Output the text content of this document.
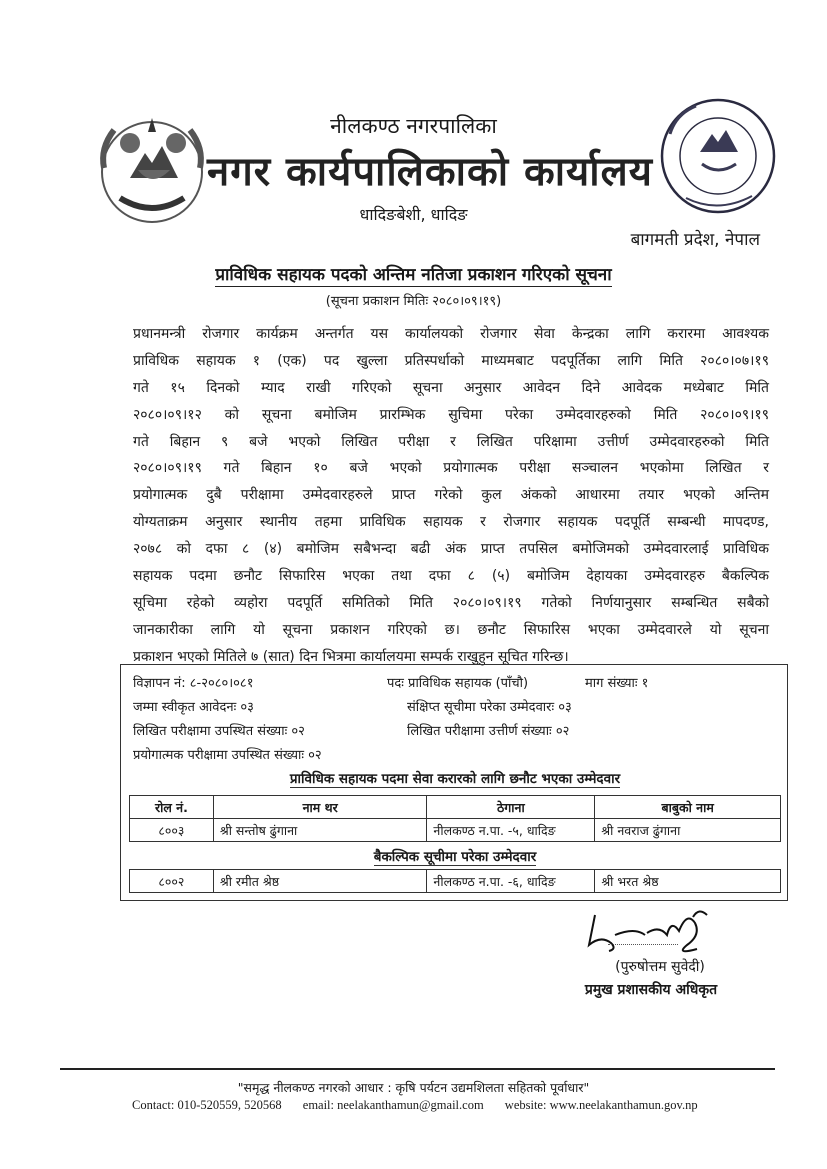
नीलकण्ठ नगरपालिका
नगर कार्यपालिकाको कार्यालय
धादिङबेशी, धादिङ
बागमती प्रदेश, नेपाल
प्राविधिक सहायक पदको अन्तिम नतिजा प्रकाशन गरिएको सूचना
(सूचना प्रकाशन मितिः २०८०।०९।१९)
प्रधानमन्त्री रोजगार कार्यक्रम अन्तर्गत यस कार्यालयको रोजगार सेवा केन्द्रका लागि करारमा आवश्यक
प्राविधिक सहायक १ (एक) पद खुल्ला प्रतिस्पर्धाको माध्यमबाट पदपूर्तिका लागि मिति २०८०।०७।१९
गते १५ दिनको म्याद राखी गरिएको सूचना अनुसार आवेदन दिने आवेदक मध्येबाट मिति
२०८०।०९।१२ को सूचना बमोजिम प्रारम्भिक सुचिमा परेका उम्मेदवारहरुको मिति २०८०।०९।१९
गते बिहान ९ बजे भएको लिखित परीक्षा र लिखित परिक्षामा उत्तीर्ण उम्मेदवारहरुको मिति
२०८०।०९।१९ गते बिहान १० बजे भएको प्रयोगात्मक परीक्षा सञ्चालन भएकोमा लिखित र
प्रयोगात्मक दुबै परीक्षामा उम्मेदवारहरुले प्राप्त गरेको कुल अंकको आधारमा तयार भएको अन्तिम
योग्यताक्रम अनुसार स्थानीय तहमा प्राविधिक सहायक र रोजगार सहायक पदपूर्ति सम्बन्धी मापदण्ड,
२०७८ को दफा ८ (४) बमोजिम सबैभन्दा बढी अंक प्राप्त तपसिल बमोजिमको उम्मेदवारलाई प्राविधिक
सहायक पदमा छनौट सिफारिस भएका तथा दफा ८ (५) बमोजिम देहायका उम्मेदवारहरु बैकल्पिक
सूचिमा रहेको व्यहोरा पदपूर्ति समितिको मिति २०८०।०९।१९ गतेको निर्णयानुसार सम्बन्धित सबैको
जानकारीका लागि यो सूचना प्रकाशन गरिएको छ। छनौट सिफारिस भएका उम्मेदवारले यो सूचना
प्रकाशन भएको मितिले ७ (सात) दिन भित्रमा कार्यालयमा सम्पर्क राखुहुन सूचित गरिन्छ।
विज्ञापन नं: ८-२०८०।०८१	पदः प्राविधिक सहायक (पाँचौ)	माग संख्याः १
जम्मा स्वीकृत आवेदनः ०३	संक्षिप्त सूचीमा परेका उम्मेदवारः ०३
लिखित परीक्षामा उपस्थित संख्याः ०२	लिखित परीक्षामा उत्तीर्ण संख्याः ०२
प्रयोगात्मक परीक्षामा उपस्थित संख्याः ०२
प्राविधिक सहायक पदमा सेवा करारको लागि छनौट भएका उम्मेदवार
रोल नं.	नाम थर	ठेगाना	बाबुको नाम
८००३	श्री सन्तोष ढुंगाना	नीलकण्ठ न.पा. -५, धादिङ	श्री नवराज ढुंगाना
बैकल्पिक सूचीमा परेका उम्मेदवार
८००२	श्री रमीत श्रेष्ठ	नीलकण्ठ न.पा. -६, धादिङ	श्री भरत श्रेष्ठ
(पुरुषोत्तम सुवेदी)
प्रमुख प्रशासकीय अधिकृत
"समृद्ध नीलकण्ठ नगरको आधार : कृषि पर्यटन उद्यमशिलता सहितको पूर्वाधार"
Contact: 010-520559, 520568 email: neelakanthamun@gmail.com website: www.neelakanthamun.gov.np
